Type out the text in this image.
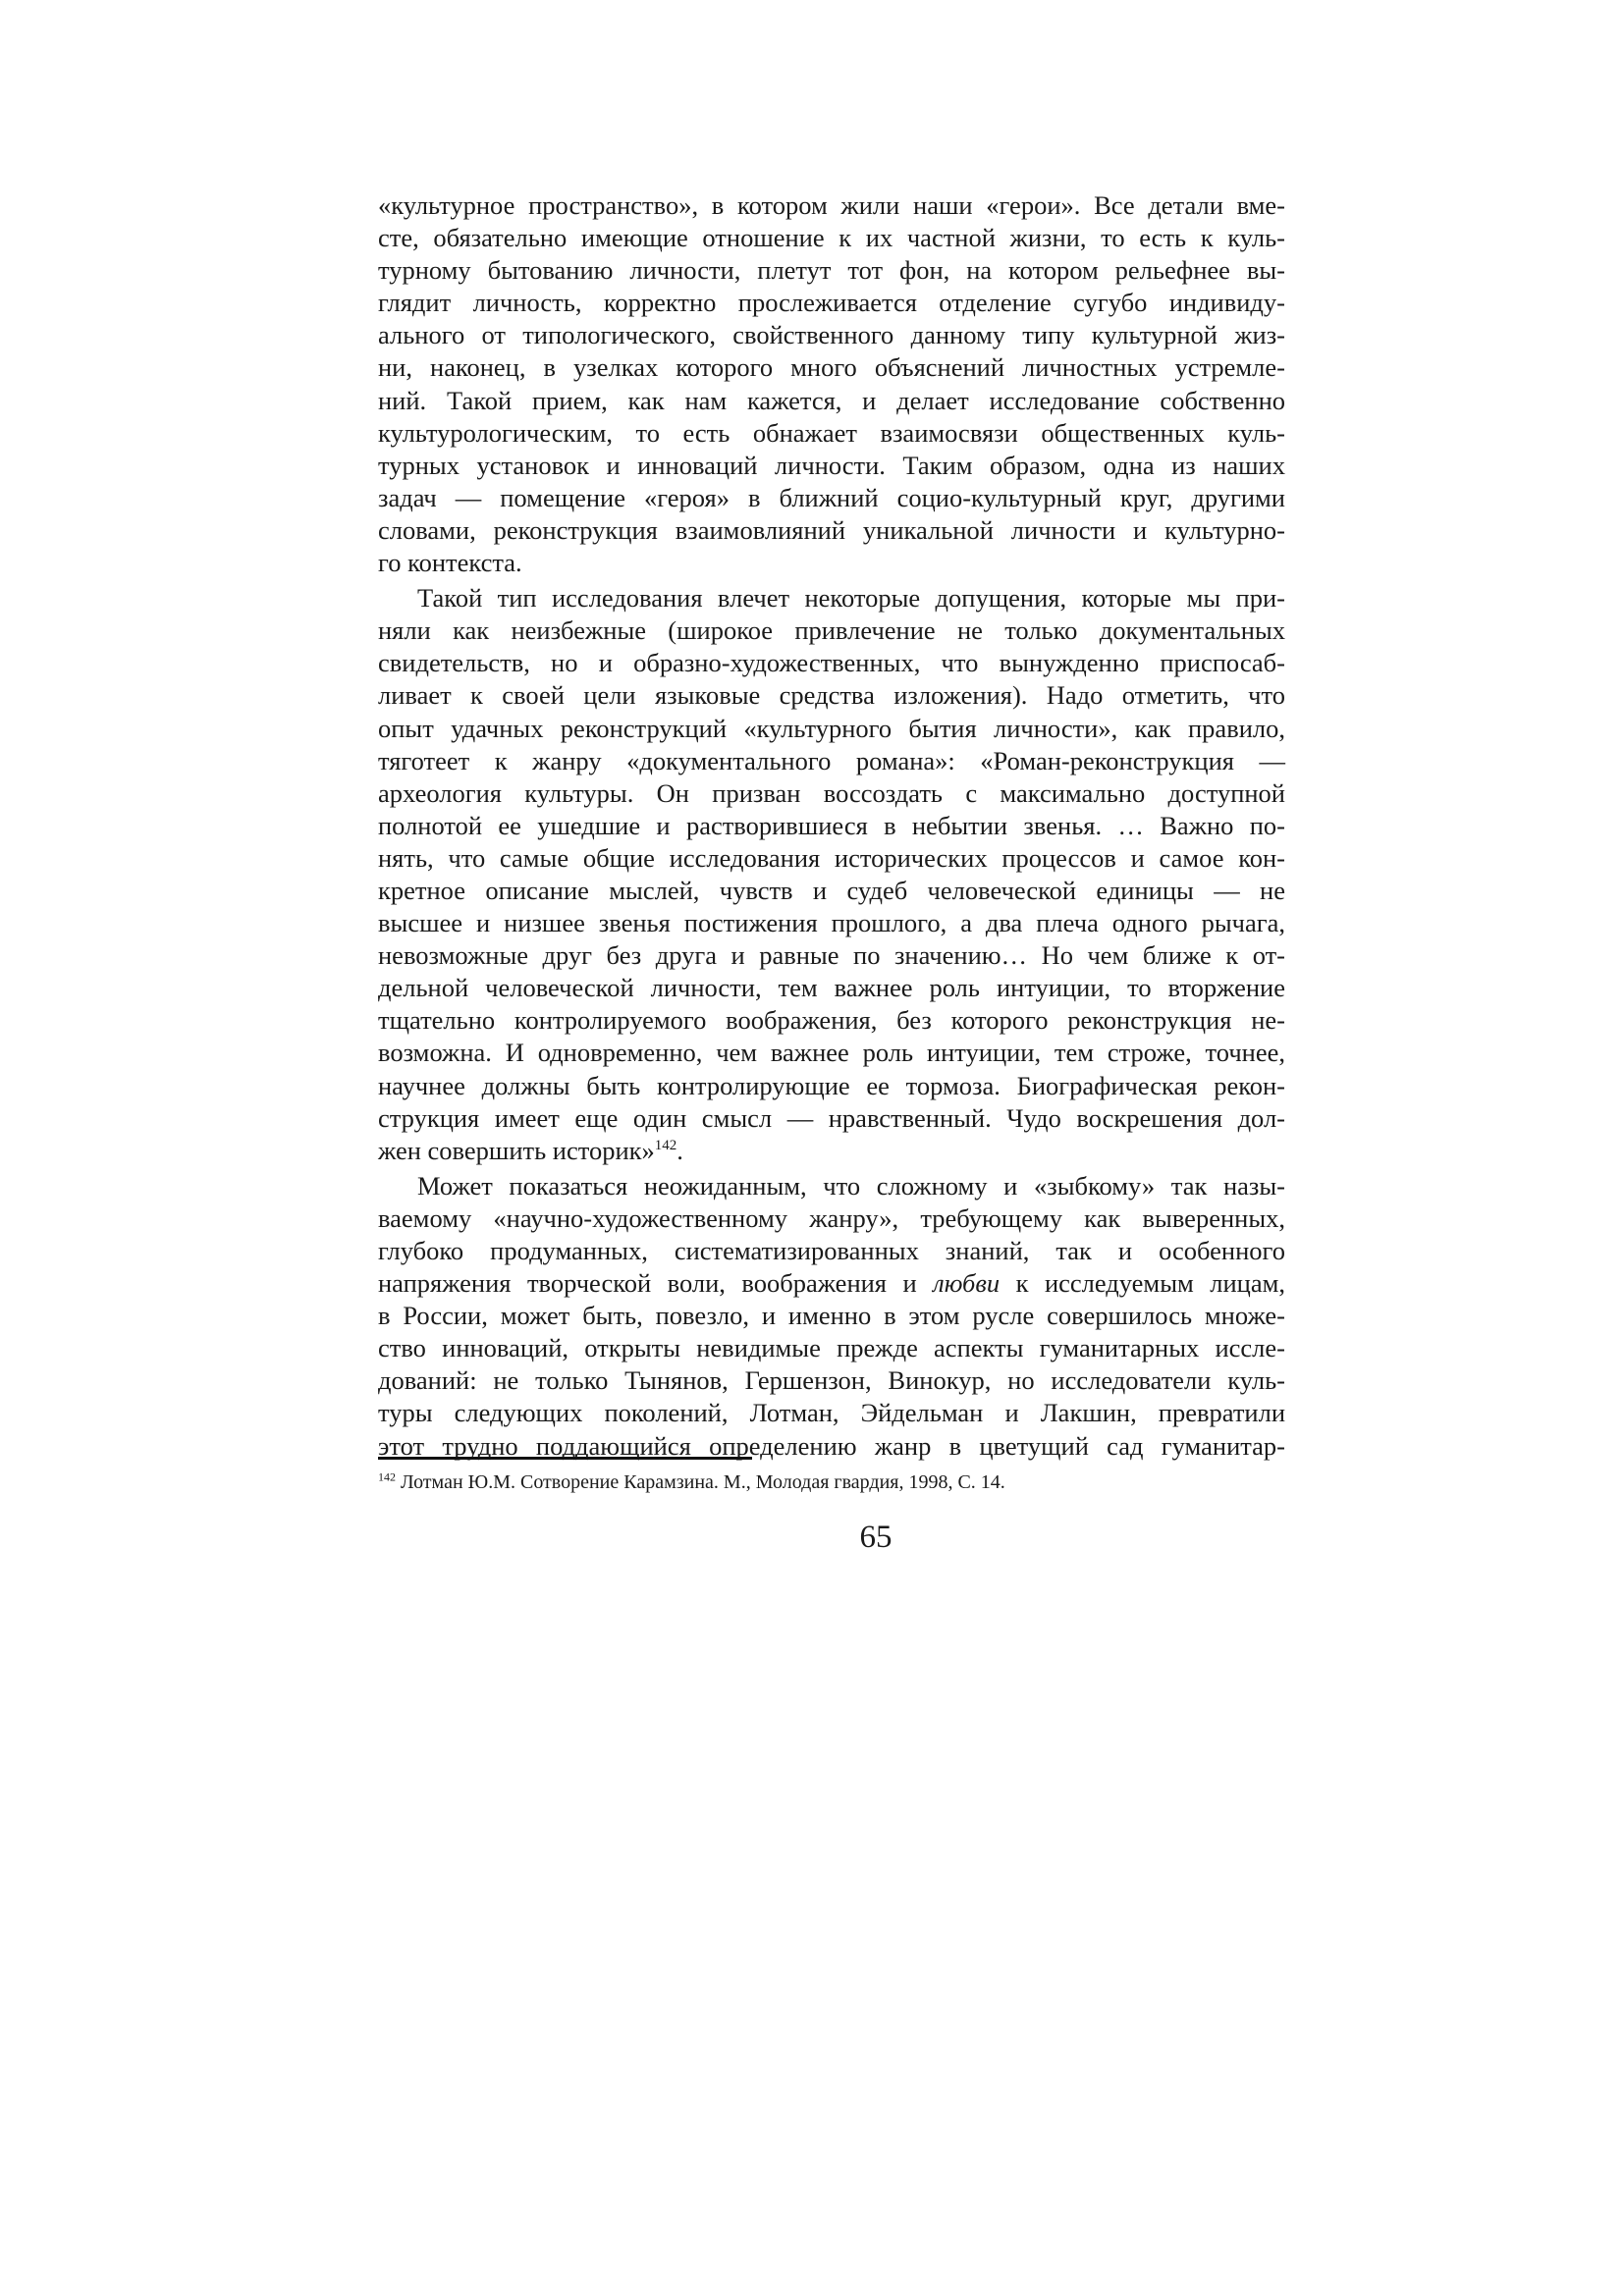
«культурное пространство», в котором жили наши «герои». Все детали вме-
сте, обязательно имеющие отношение к их частной жизни, то есть к куль-
турному бытованию личности, плетут тот фон, на котором рельефнее вы-
глядит личность, корректно прослеживается отделение сугубо индивиду-
ального от типологического, свойственного данному типу культурной жиз-
ни, наконец, в узелках которого много объяснений личностных устремле-
ний. Такой прием, как нам кажется, и делает исследование собственно
культурологическим, то есть обнажает взаимосвязи общественных куль-
турных установок и инноваций личности. Таким образом, одна из наших
задач — помещение «героя» в ближний социо-культурный круг, другими
словами, реконструкция взаимовлияний уникальной личности и культурно-
го контекста.
Такой тип исследования влечет некоторые допущения, которые мы при-
няли как неизбежные (широкое привлечение не только документальных
свидетельств, но и образно-художественных, что вынужденно приспосаб-
ливает к своей цели языковые средства изложения). Надо отметить, что
опыт удачных реконструкций «культурного бытия личности», как правило,
тяготеет к жанру «документального романа»: «Роман-реконструкция —
археология культуры. Он призван воссоздать с максимально доступной
полнотой ее ушедшие и растворившиеся в небытии звенья. … Важно по-
нять, что самые общие исследования исторических процессов и самое кон-
кретное описание мыслей, чувств и судеб человеческой единицы — не
высшее и низшее звенья постижения прошлого, а два плеча одного рычага,
невозможные друг без друга и равные по значению… Но чем ближе к от-
дельной человеческой личности, тем важнее роль интуиции, то вторжение
тщательно контролируемого воображения, без которого реконструкция не-
возможна. И одновременно, чем важнее роль интуиции, тем строже, точнее,
научнее должны быть контролирующие ее тормоза. Биографическая рекон-
струкция имеет еще один смысл — нравственный. Чудо воскрешения дол-
жен совершить историк»$^{142}$.
Может показаться неожиданным, что сложному и «зыбкому» так назы-
ваемому «научно-художественному жанру», требующему как выверенных,
глубоко продуманных, систематизированных знаний, так и особенного
напряжения творческой воли, воображения и любви к исследуемым лицам,
в России, может быть, повезло, и именно в этом русле совершилось множе-
ство инноваций, открыты невидимые прежде аспекты гуманитарных иссле-
дований: не только Тынянов, Гершензон, Винокур, но исследователи куль-
туры следующих поколений, Лотман, Эйдельман и Лакшин, превратили
этот трудно поддающийся определению жанр в цветущий сад гуманитар-
$^{142}$ Лотман Ю.М. Сотворение Карамзина. М., Молодая гвардия, 1998, С. 14.
65
